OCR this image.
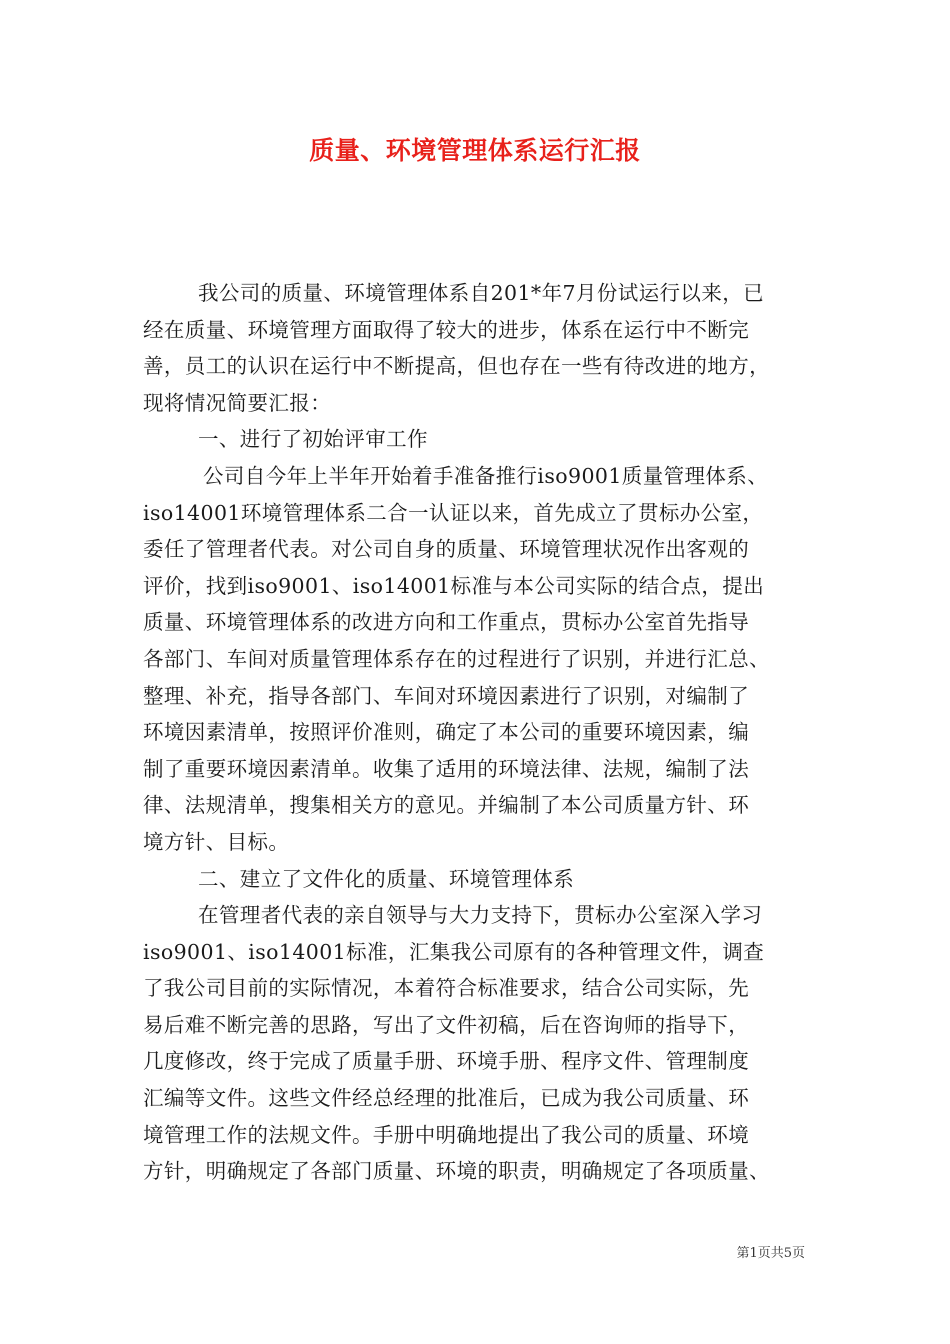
质量、环境管理体系运行汇报
我公司的质量、环境管理体系自201*年7月份试运行以来，已
经在质量、环境管理方面取得了较大的进步，体系在运行中不断完
善，员工的认识在运行中不断提高，但也存在一些有待改进的地方，
现将情况简要汇报：
一、进行了初始评审工作
公司自今年上半年开始着手准备推行iso9001质量管理体系、
iso14001环境管理体系二合一认证以来，首先成立了贯标办公室，
委任了管理者代表。对公司自身的质量、环境管理状况作出客观的
评价，找到iso9001、iso14001标准与本公司实际的结合点，提出
质量、环境管理体系的改进方向和工作重点，贯标办公室首先指导
各部门、车间对质量管理体系存在的过程进行了识别，并进行汇总、
整理、补充，指导各部门、车间对环境因素进行了识别，对编制了
环境因素清单，按照评价准则，确定了本公司的重要环境因素，编
制了重要环境因素清单。收集了适用的环境法律、法规，编制了法
律、法规清单，搜集相关方的意见。并编制了本公司质量方针、环
境方针、目标。
二、建立了文件化的质量、环境管理体系
在管理者代表的亲自领导与大力支持下，贯标办公室深入学习
iso9001、iso14001标准，汇集我公司原有的各种管理文件，调查
了我公司目前的实际情况，本着符合标准要求，结合公司实际，先
易后难不断完善的思路，写出了文件初稿，后在咨询师的指导下，
几度修改，终于完成了质量手册、环境手册、程序文件、管理制度
汇编等文件。这些文件经总经理的批准后，已成为我公司质量、环
境管理工作的法规文件。手册中明确地提出了我公司的质量、环境
方针，明确规定了各部门质量、环境的职责，明确规定了各项质量、
第1页共5页
